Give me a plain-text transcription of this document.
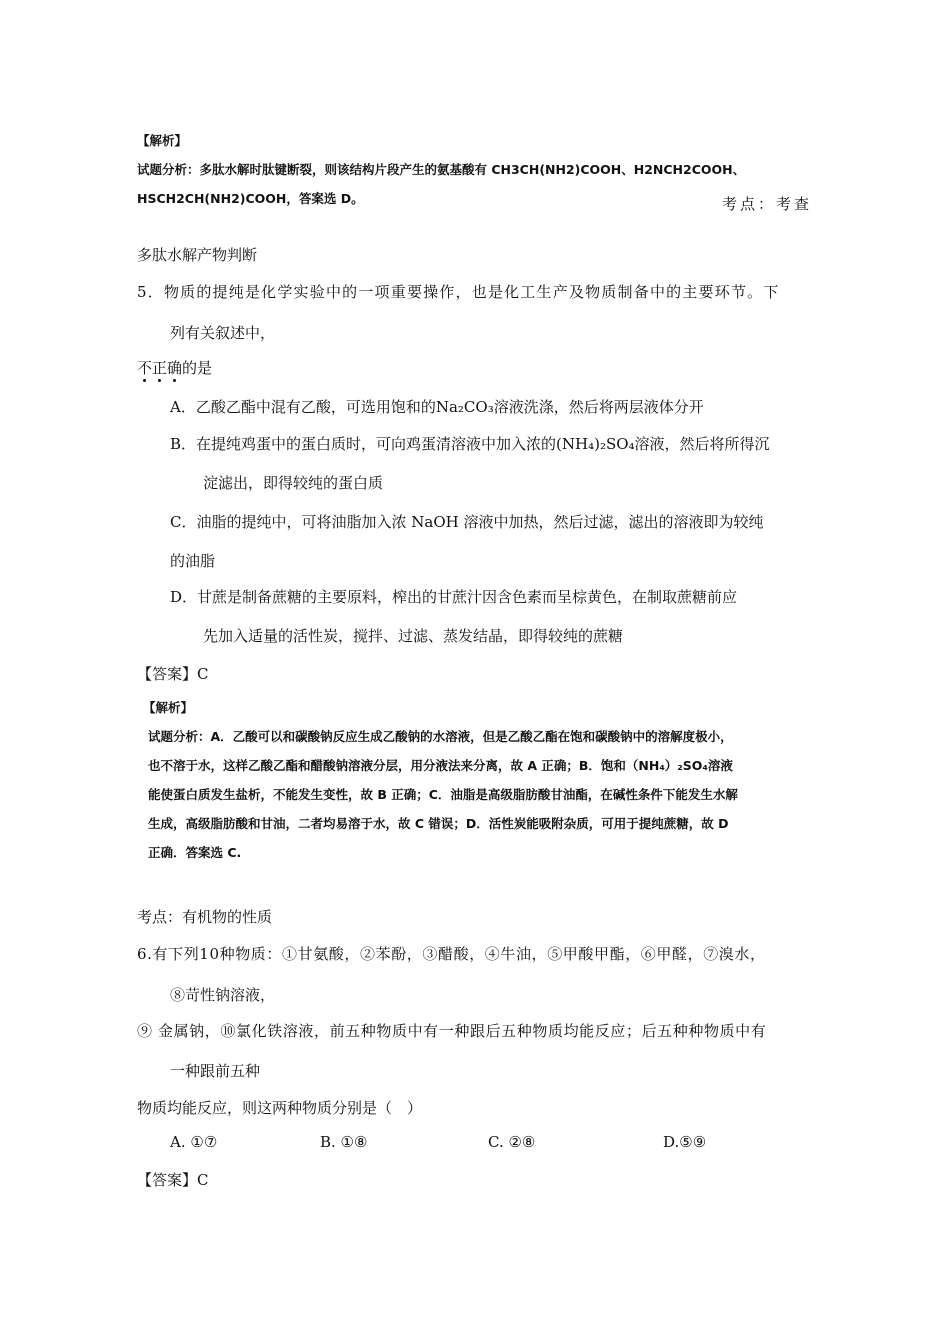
【解析】
试题分析：多肽水解时肽键断裂，则该结构片段产生的氨基酸有 CH3CH(NH2)COOH、H2NCH2COOH、
HSCH2CH(NH2)COOH，答案选 D。	考点：考查
多肽水解产物判断
5．物质的提纯是化学实验中的一项重要操作，也是化工生产及物质制备中的主要环节。下
列有关叙述中，
不正确的是
A．乙酸乙酯中混有乙酸，可选用饱和的Na₂CO₃溶液洗涤，然后将两层液体分开
B．在提纯鸡蛋中的蛋白质时，可向鸡蛋清溶液中加入浓的(NH₄)₂SO₄溶液，然后将所得沉
淀滤出，即得较纯的蛋白质
C．油脂的提纯中，可将油脂加入浓 NaOH 溶液中加热，然后过滤，滤出的溶液即为较纯
的油脂
D．甘蔗是制备蔗糖的主要原料，榨出的甘蔗汁因含色素而呈棕黄色，在制取蔗糖前应
先加入适量的活性炭，搅拌、过滤、蒸发结晶，即得较纯的蔗糖
【答案】C
【解析】
试题分析：A．乙酸可以和碳酸钠反应生成乙酸钠的水溶液，但是乙酸乙酯在饱和碳酸钠中的溶解度极小，
也不溶于水，这样乙酸乙酯和醋酸钠溶液分层，用分液法来分离，故 A 正确；B．饱和（NH₄）₂SO₄溶液
能使蛋白质发生盐析，不能发生变性，故 B 正确；C．油脂是高级脂肪酸甘油酯，在碱性条件下能发生水解
生成，高级脂肪酸和甘油，二者均易溶于水，故 C 错误；D．活性炭能吸附杂质，可用于提纯蔗糖，故 D
正确．答案选 C.
考点：有机物的性质
6.有下列10种物质：①甘氨酸，②苯酚，③醋酸，④牛油，⑤甲酸甲酯，⑥甲醛，⑦溴水，
⑧苛性钠溶液，
⑨ 金属钠，⑩氯化铁溶液，前五种物质中有一种跟后五种物质均能反应；后五种种物质中有
一种跟前五种
物质均能反应，则这两种物质分别是（　）
A. ①⑦	B. ①⑧	C. ②⑧	D.⑤⑨
【答案】C
